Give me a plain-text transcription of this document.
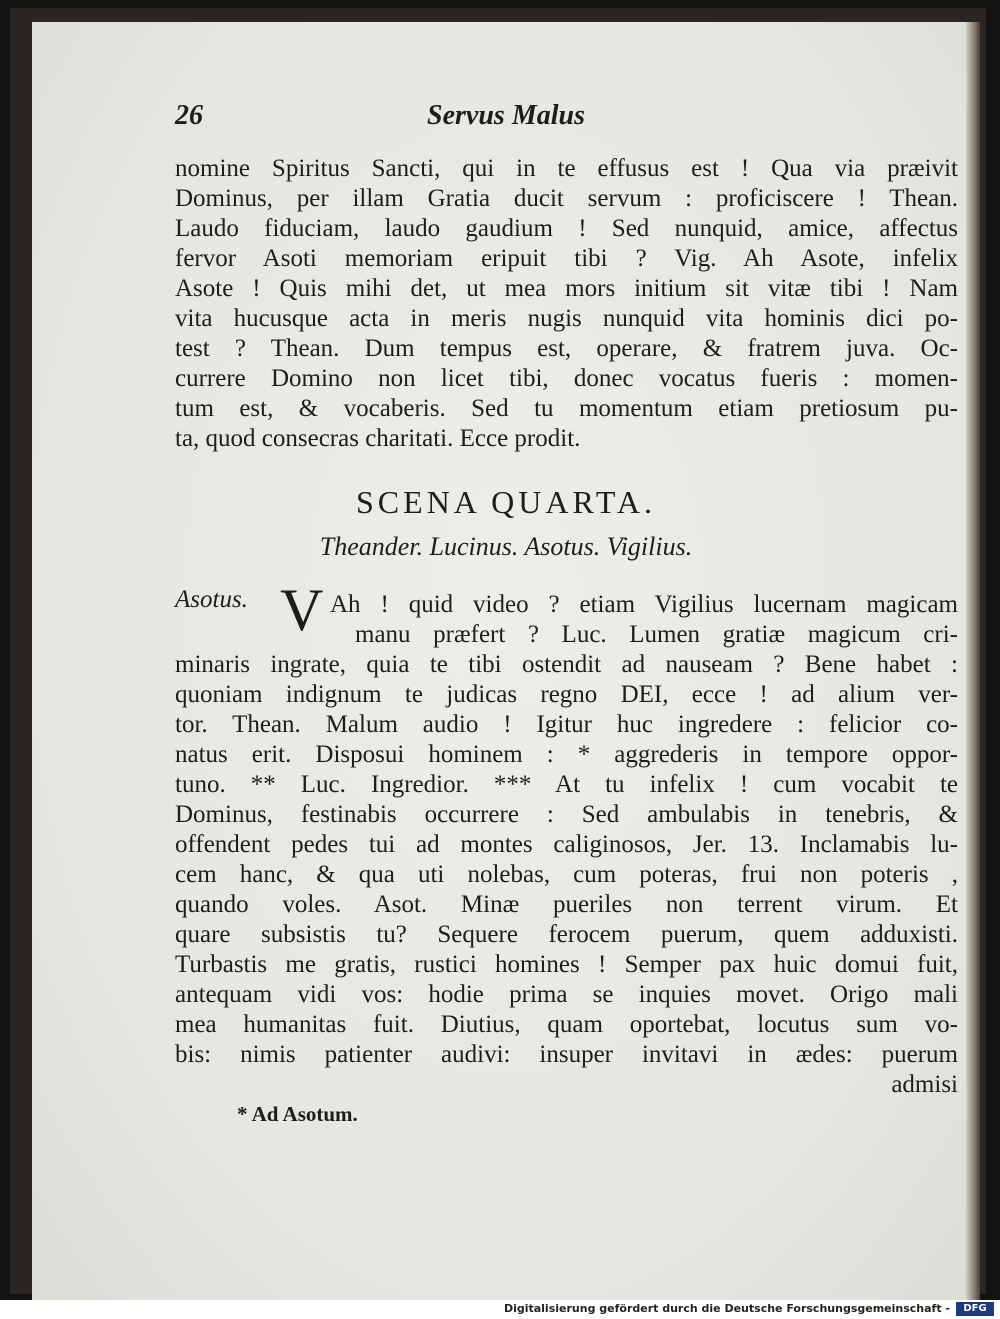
26	Servus Malus
nomine Spiritus Sancti, qui in te effusus est ! Qua via præivit
Dominus, per illam Gratia ducit servum : proficiscere ! Thean.
Laudo fiduciam, laudo gaudium ! Sed nunquid, amice, affectus
fervor Asoti memoriam eripuit tibi ? Vig. Ah Asote, infelix
Asote ! Quis mihi det, ut mea mors initium sit vitæ tibi ! Nam
vita hucusque acta in meris nugis nunquid vita hominis dici po-
test ? Thean. Dum tempus est, operare, & fratrem juva. Oc-
currere Domino non licet tibi, donec vocatus fueris : momen-
tum est, & vocaberis. Sed tu momentum etiam pretiosum pu-
ta, quod consecras charitati. Ecce prodit.
SCENA QUARTA.
Theander. Lucinus. Asotus. Vigilius.
Asotus. V Ah ! quid video ? etiam Vigilius lucernam magicam
manu præfert ? Luc. Lumen gratiæ magicum cri-
minaris ingrate, quia te tibi ostendit ad nauseam ? Bene habet :
quoniam indignum te judicas regno DEI, ecce ! ad alium ver-
tor. Thean. Malum audio ! Igitur huc ingredere : felicior co-
natus erit. Disposui hominem : * aggrederis in tempore oppor-
tuno. ** Luc. Ingredior. *** At tu infelix ! cum vocabit te
Dominus, festinabis occurrere : Sed ambulabis in tenebris, &
offendent pedes tui ad montes caliginosos, Jer. 13. Inclamabis lu-
cem hanc, & qua uti nolebas, cum poteras, frui non poteris ,
quando voles. Asot. Minæ pueriles non terrent virum. Et
quare subsistis tu? Sequere ferocem puerum, quem adduxisti.
Turbastis me gratis, rustici homines ! Semper pax huic domui fuit,
antequam vidi vos: hodie prima se inquies movet. Origo mali
mea humanitas fuit. Diutius, quam oportebat, locutus sum vo-
bis: nimis patienter audivi: insuper invitavi in ædes: puerum
admisi
* Ad Asotum.
Digitalisierung gefördert durch die Deutsche Forschungsgemeinschaft -	DFG
